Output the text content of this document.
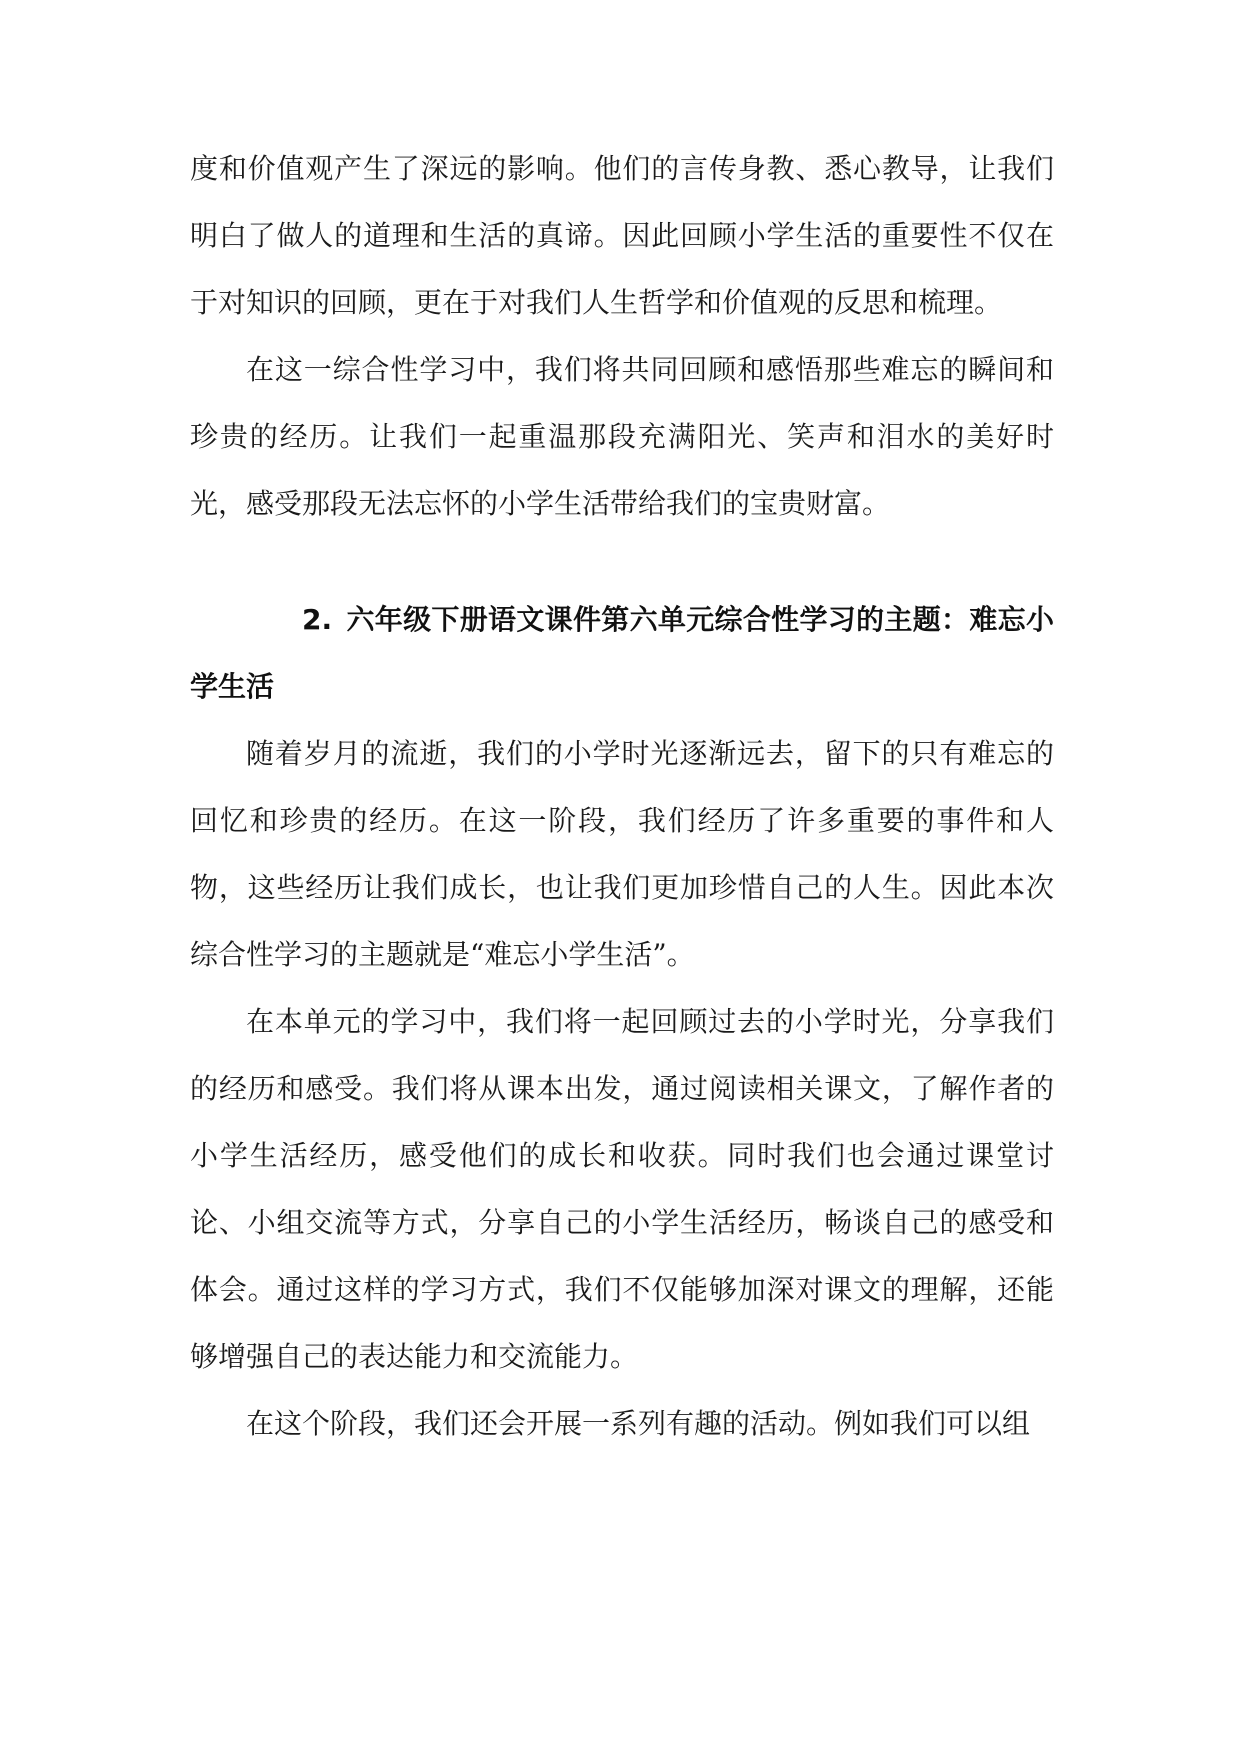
度和价值观产生了深远的影响。他们的言传身教、悉心教导，让我们明白了做人的道理和生活的真谛。因此回顾小学生活的重要性不仅在于对知识的回顾，更在于对我们人生哲学和价值观的反思和梳理。

在这一综合性学习中，我们将共同回顾和感悟那些难忘的瞬间和珍贵的经历。让我们一起重温那段充满阳光、笑声和泪水的美好时光，感受那段无法忘怀的小学生活带给我们的宝贵财富。

2. 六年级下册语文课件第六单元综合性学习的主题：难忘小学生活

随着岁月的流逝，我们的小学时光逐渐远去，留下的只有难忘的回忆和珍贵的经历。在这一阶段，我们经历了许多重要的事件和人物，这些经历让我们成长，也让我们更加珍惜自己的人生。因此本次综合性学习的主题就是“难忘小学生活”。

在本单元的学习中，我们将一起回顾过去的小学时光，分享我们的经历和感受。我们将从课本出发，通过阅读相关课文，了解作者的小学生活经历，感受他们的成长和收获。同时我们也会通过课堂讨论、小组交流等方式，分享自己的小学生活经历，畅谈自己的感受和体会。通过这样的学习方式，我们不仅能够加深对课文的理解，还能够增强自己的表达能力和交流能力。

在这个阶段，我们还会开展一系列有趣的活动。例如我们可以组
